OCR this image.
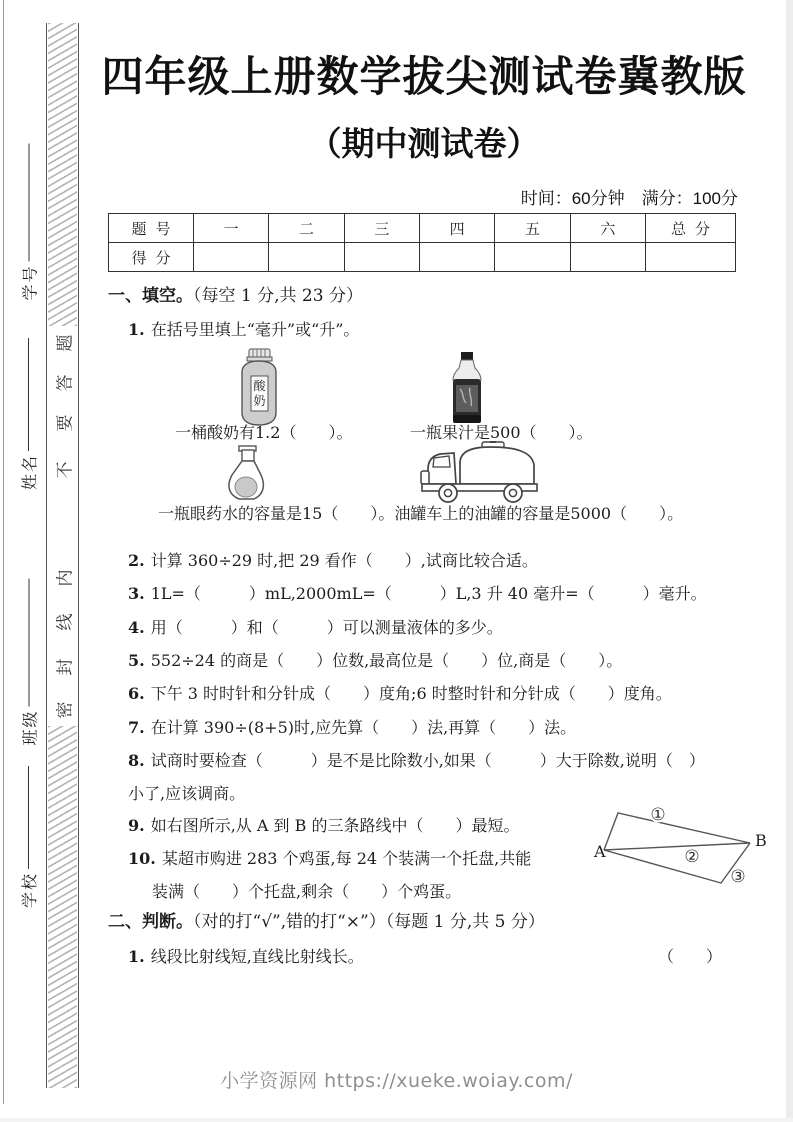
学号
姓名
班级
学校
题
答
要
不
内
线
封
密
四年级上册数学拔尖测试卷冀教版
（期中测试卷）
时间：60分钟　满分：100分
题号	一	二	三	四	五	六	总分
得分							
一、填空。（每空 1 分,共 23 分）
1. 在括号里填上“毫升”或“升”。
酸
奶
一桶酸奶有1.2（　　）。	一瓶果汁是500（　　）。
一瓶眼药水的容量是15（　　）。油罐车上的油罐的容量是5000（　　）。
2. 计算 360÷29 时,把 29 看作（　　）,试商比较合适。
3. 1L=（　　　）mL,2000mL=（　　　）L,3 升 40 毫升=（　　　）毫升。
4. 用（　　　）和（　　　）可以测量液体的多少。
5. 552÷24 的商是（　　）位数,最高位是（　　）位,商是（　　）。
6. 下午 3 时时针和分针成（　　）度角;6 时整时针和分针成（　　）度角。
7. 在计算 390÷(8+5)时,应先算（　　）法,再算（　　）法。
8. 试商时要检查（　　　）是不是比除数小,如果（　　　）大于除数,说明（　）
小了,应该调商。
9. 如右图所示,从 A 到 B 的三条路线中（　　）最短。
10. 某超市购进 283 个鸡蛋,每 24 个装满一个托盘,共能
装满（　　）个托盘,剩余（　　）个鸡蛋。
A
B
①
②
③
二、判断。（对的打“√”,错的打“×”）（每题 1 分,共 5 分）
1. 线段比射线短,直线比射线长。	（　　）
小学资源网 https://xueke.woiay.com/
